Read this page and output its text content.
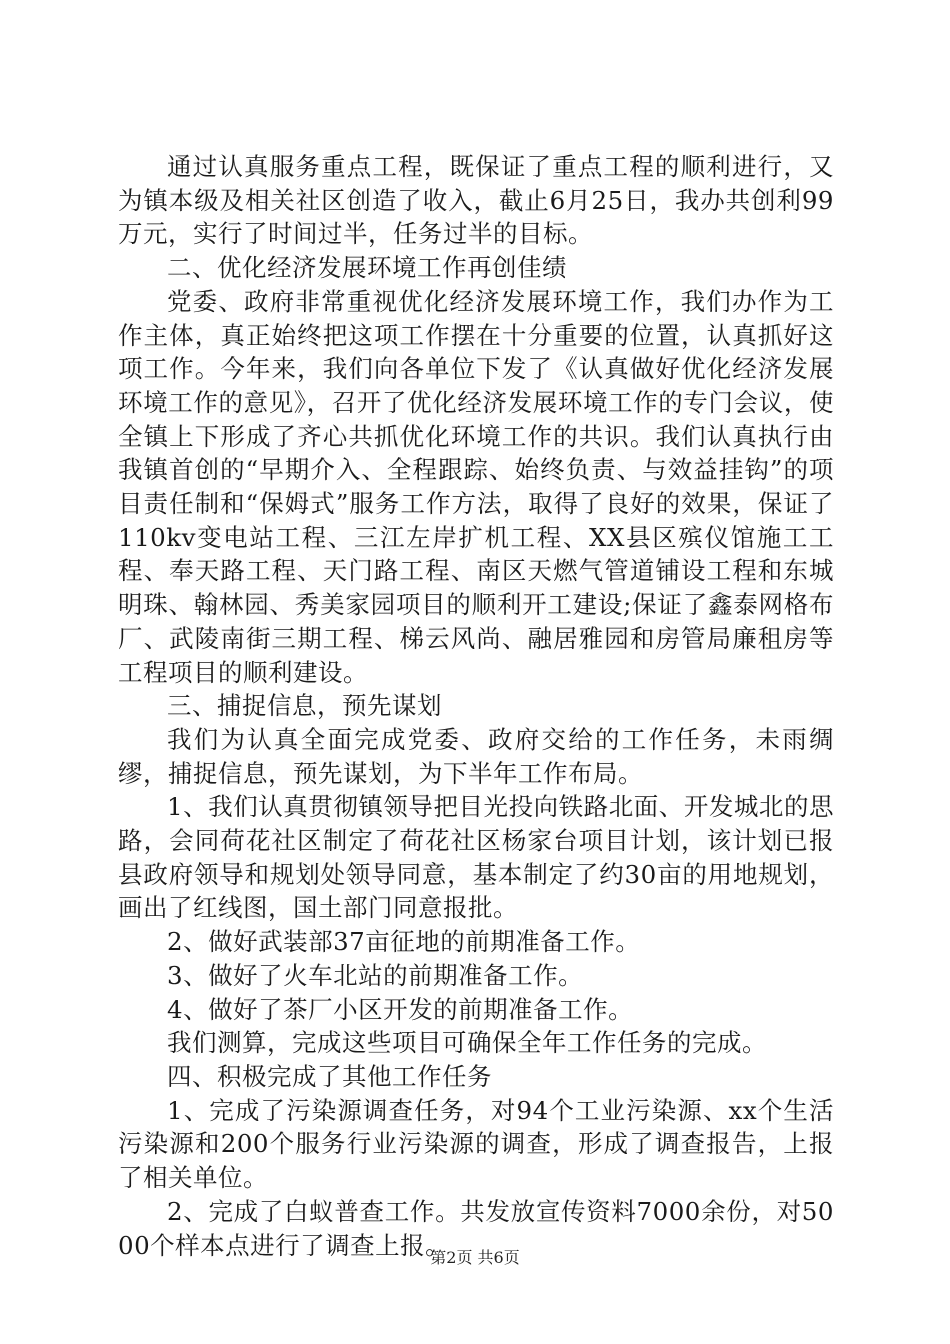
通过认真服务重点工程，既保证了重点工程的顺利进行，又为镇本级及相关社区创造了收入，截止6月25日，我办共创利99万元，实行了时间过半，任务过半的目标。

二、优化经济发展环境工作再创佳绩

党委、政府非常重视优化经济发展环境工作，我们办作为工作主体，真正始终把这项工作摆在十分重要的位置，认真抓好这项工作。今年来，我们向各单位下发了《认真做好优化经济发展环境工作的意见》，召开了优化经济发展环境工作的专门会议，使全镇上下形成了齐心共抓优化环境工作的共识。我们认真执行由我镇首创的“早期介入、全程跟踪、始终负责、与效益挂钩”的项目责任制和“保姆式”服务工作方法，取得了良好的效果，保证了110kv变电站工程、三江左岸扩机工程、XX县区殡仪馆施工工程、奉天路工程、天门路工程、南区天燃气管道铺设工程和东城明珠、翰林园、秀美家园项目的顺利开工建设;保证了鑫泰网格布厂、武陵南街三期工程、梯云风尚、融居雅园和房管局廉租房等工程项目的顺利建设。

三、捕捉信息，预先谋划

我们为认真全面完成党委、政府交给的工作任务，未雨绸缪，捕捉信息，预先谋划，为下半年工作布局。

1、我们认真贯彻镇领导把目光投向铁路北面、开发城北的思路，会同荷花社区制定了荷花社区杨家台项目计划，该计划已报县政府领导和规划处领导同意，基本制定了约30亩的用地规划，画出了红线图，国土部门同意报批。

2、做好武装部37亩征地的前期准备工作。

3、做好了火车北站的前期准备工作。

4、做好了茶厂小区开发的前期准备工作。

我们测算，完成这些项目可确保全年工作任务的完成。

四、积极完成了其他工作任务

1、完成了污染源调查任务，对94个工业污染源、xx个生活污染源和200个服务行业污染源的调查，形成了调查报告，上报了相关单位。

2、完成了白蚁普查工作。共发放宣传资料7000余份，对5000个样本点进行了调查上报。

第2页 共6页
